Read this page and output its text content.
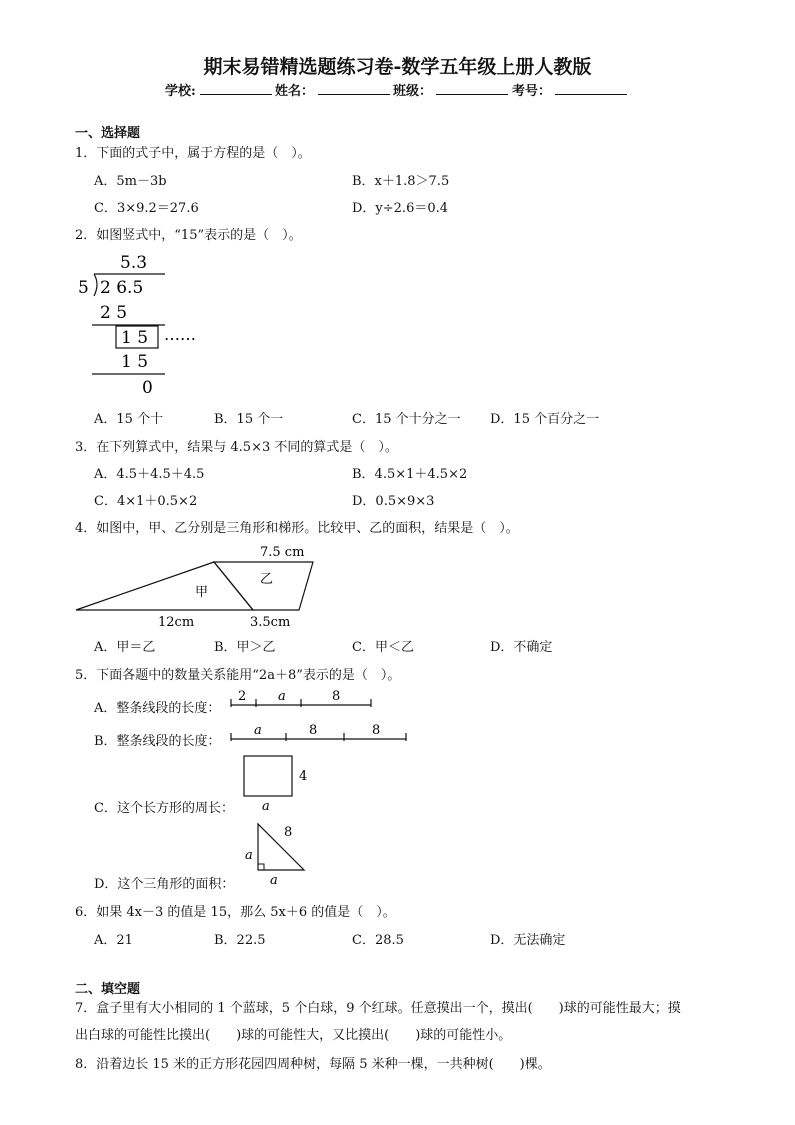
期末易错精选题练习卷-数学五年级上册人教版
学校:	姓名：	班级：	考号：
一、选择题
1．下面的式子中，属于方程的是（　）。
A．5m－3b	B．x＋1.8＞7.5
C．3×9.2＝27.6	D．y÷2.6＝0.4
2．如图竖式中，“15”表示的是（　）。
5.3
5 2 6.5
2 5
1 5 ……
1 5
0
A．15 个十	B．15 个一	C．15 个十分之一 D．15 个百分之一
3．在下列算式中，结果与 4.5×3 不同的算式是（　）。
A．4.5＋4.5＋4.5	B．4.5×1＋4.5×2
C．4×1＋0.5×2	D．0.5×9×3
4．如图中，甲、乙分别是三角形和梯形。比较甲、乙的面积，结果是（　）。
7.5 cm
甲
乙
12cm	3.5cm
A．甲＝乙	B．甲＞乙	C．甲＜乙	D．不确定
5．下面各题中的数量关系能用“2a＋8”表示的是（　）。
A．整条线段的长度：
2 a	8
B．整条线段的长度：
a	8	8
C．这个长方形的周长：
4
a
D．这个三角形的面积：
8
a
a
6．如果 4x－3 的值是 15，那么 5x＋6 的值是（　）。
A．21	B．22.5	C．28.5	D．无法确定
二、填空题
7．盒子里有大小相同的 1 个蓝球，5 个白球，9 个红球。任意摸出一个，摸出(　　)球的可能性最大；摸
出白球的可能性比摸出(　　)球的可能性大，又比摸出(　　)球的可能性小。
8．沿着边长 15 米的正方形花园四周种树，每隔 5 米种一棵，一共种树(　　)棵。
